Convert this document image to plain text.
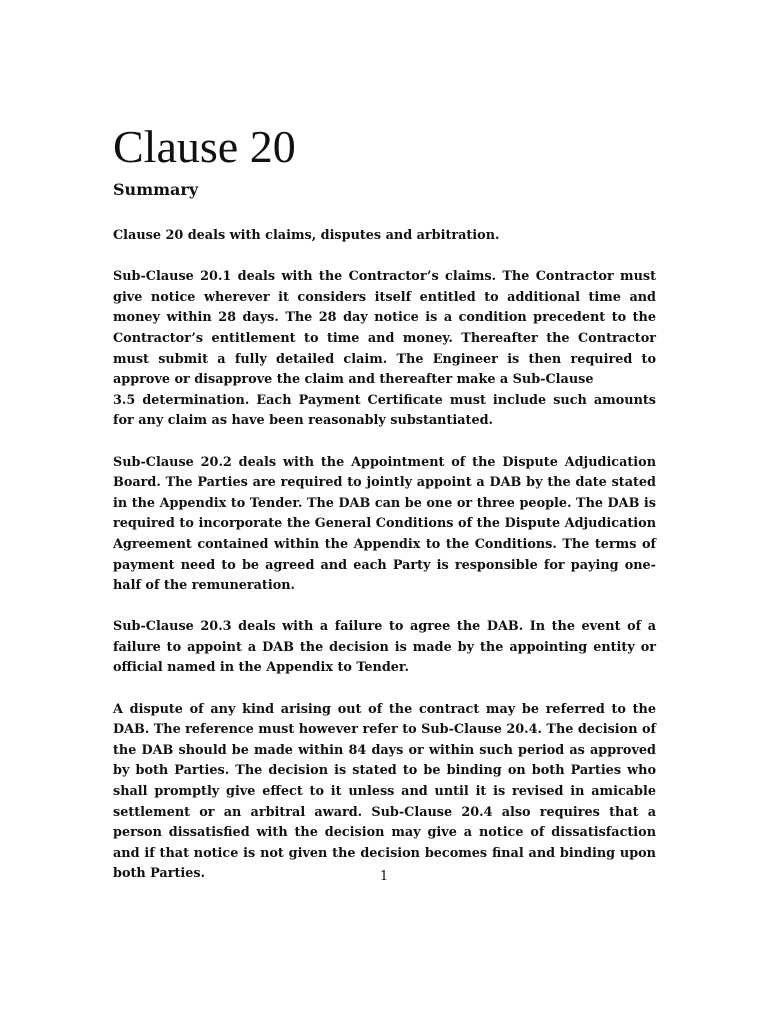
Clause 20
Summary

Clause 20 deals with claims, disputes and arbitration.

Sub-Clause 20.1 deals with the Contractor’s claims. The Contractor must give notice wherever it considers itself entitled to additional time and money within 28 days. The 28 day notice is a condition precedent to the Contractor’s entitlement to time and money. Thereafter the Contractor must submit a fully detailed claim. The Engineer is then required to approve or disapprove the claim and thereafter make a Sub-Clause

3.5 determination. Each Payment Certificate must include such amounts for any claim as have been reasonably substantiated.

Sub-Clause 20.2 deals with the Appointment of the Dispute Adjudication Board. The Parties are required to jointly appoint a DAB by the date stated in the Appendix to Tender. The DAB can be one or three people. The DAB is required to incorporate the General Conditions of the Dispute Adjudication Agreement contained within the Appendix to the Conditions. The terms of payment need to be agreed and each Party is responsible for paying one-half of the remuneration.

Sub-Clause 20.3 deals with a failure to agree the DAB. In the event of a failure to appoint a DAB the decision is made by the appointing entity or official named in the Appendix to Tender.

A dispute of any kind arising out of the contract may be referred to the DAB. The reference must however refer to Sub-Clause 20.4. The decision of the DAB should be made within 84 days or within such period as approved by both Parties. The decision is stated to be binding on both Parties who shall promptly give effect to it unless and until it is revised in amicable settlement or an arbitral award. Sub-Clause 20.4 also requires that a person dissatisfied with the decision may give a notice of dissatisfaction and if that notice is not given the decision becomes final and binding upon both Parties.	1
